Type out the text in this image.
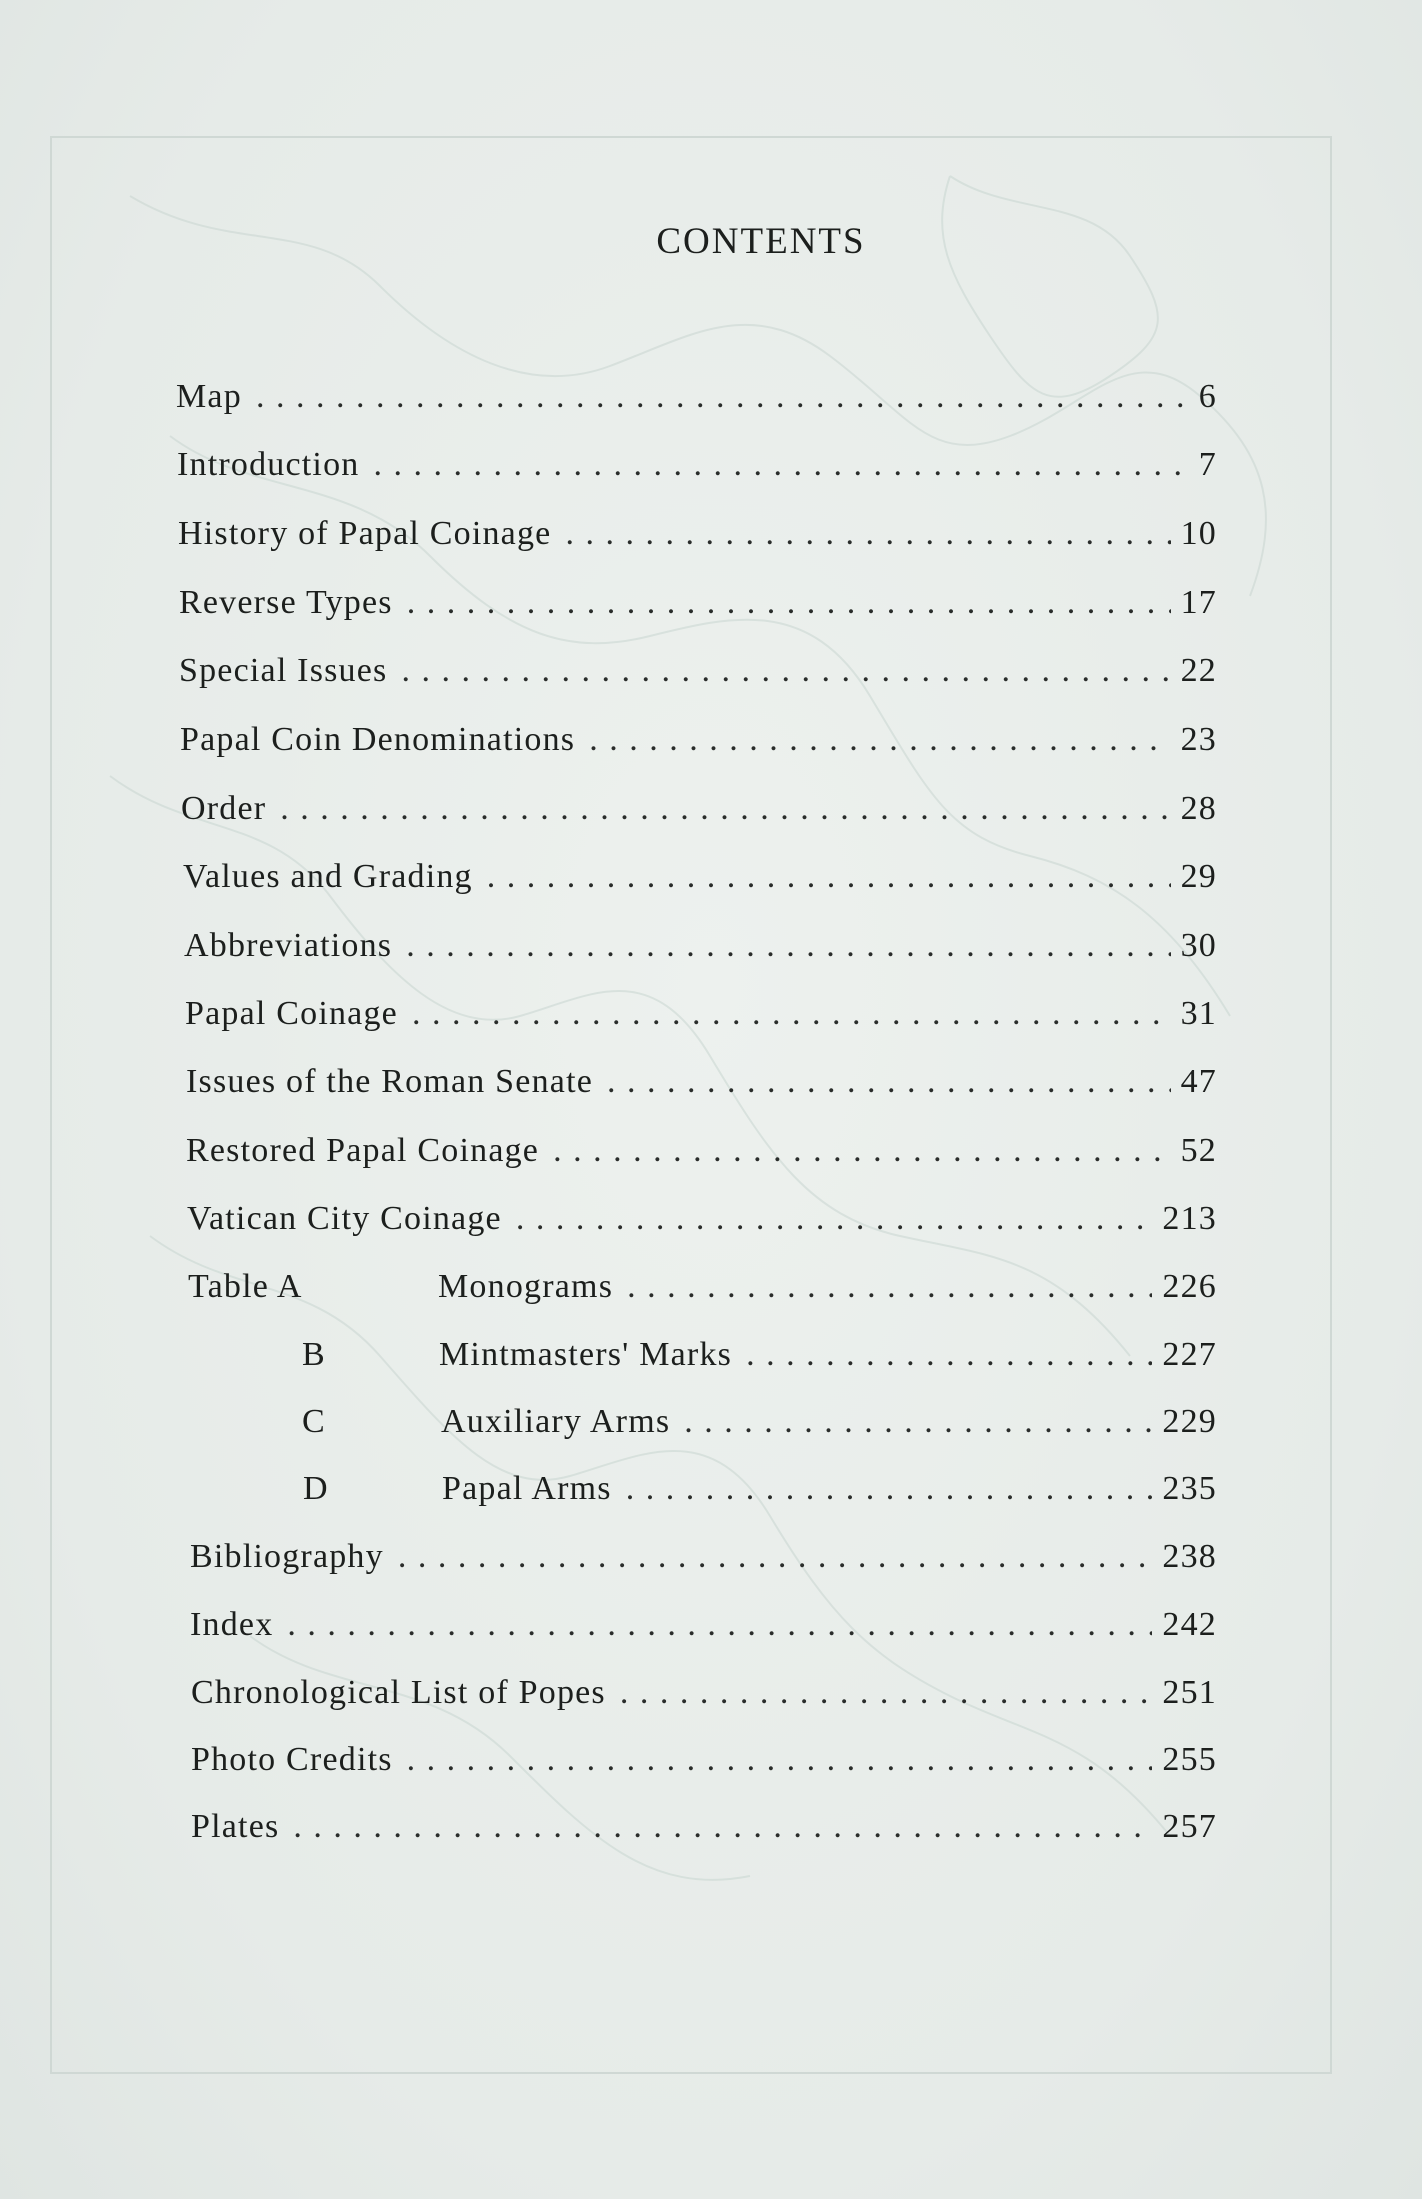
CONTENTS
Map . . .	6
Introduction . . .	7
History of Papal Coinage . . .	10
Reverse Types . . .	17
Special Issues . . .	22
Papal Coin Denominations . . .	23
Order . . .	28
Values and Grading . . .	29
Abbreviations . . .	30
Papal Coinage . . .	31
Issues of the Roman Senate . . .	47
Restored Papal Coinage . . .	52
Vatican City Coinage . . .	213
Table A	Monograms . . .	226
B	Mintmasters' Marks . . .	227
C	Auxiliary Arms . . .	229
D	Papal Arms . . .	235
Bibliography . . .	238
Index . . .	242
Chronological List of Popes . . .	251
Photo Credits . . .	255
Plates . . .	257
